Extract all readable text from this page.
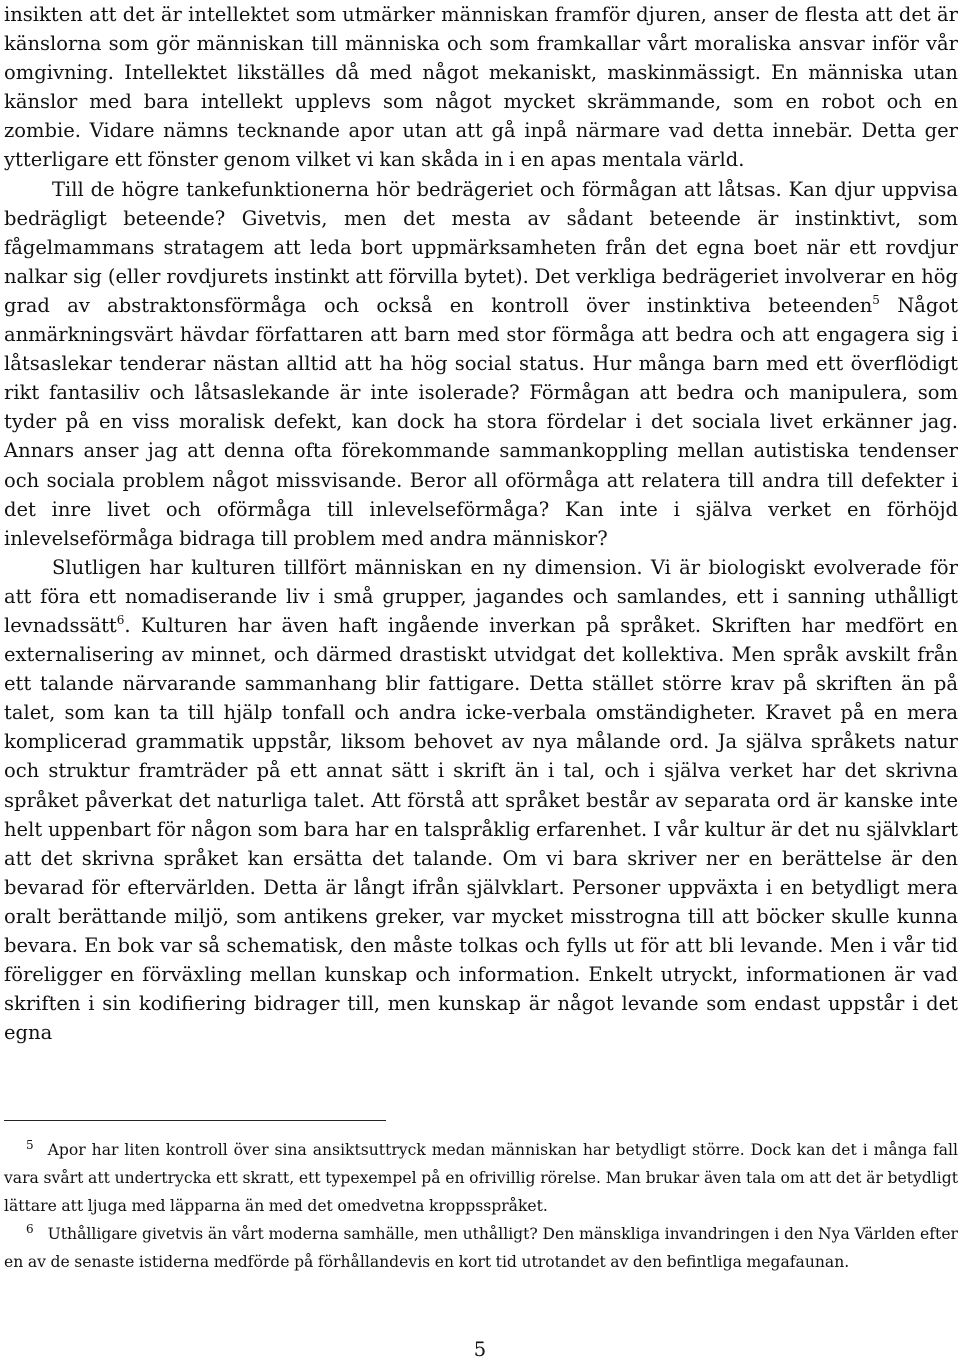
insikten att det är intellektet som utmärker människan framför djuren, anser de flesta att det är känslorna som gör människan till människa och som framkallar vårt moraliska ansvar inför vår omgivning. Intellektet likställes då med något mekaniskt, maskinmässigt. En människa utan känslor med bara intellekt upplevs som något mycket skrämmande, som en robot och en zombie. Vidare nämns tecknande apor utan att gå inpå närmare vad detta innebär. Detta ger ytterligare ett fönster genom vilket vi kan skåda in i en apas mentala värld.

Till de högre tankefunktionerna hör bedrägeriet och förmågan att låtsas. Kan djur uppvisa bedrägligt beteende? Givetvis, men det mesta av sådant beteende är instinktivt, som fågelmammans stratagem att leda bort uppmärksamheten från det egna boet när ett rovdjur nalkar sig (eller rovdjurets instinkt att förvilla bytet). Det verkliga bedrägeriet involverar en hög grad av abstraktonsförmåga och också en kontroll över instinktiva beteenden$^5$ Något anmärkningsvärt hävdar författaren att barn med stor förmåga att bedra och att engagera sig i låtsaslekar tenderar nästan alltid att ha hög social status. Hur många barn med ett överflödigt rikt fantasiliv och låtsaslekande är inte isolerade? Förmågan att bedra och manipulera, som tyder på en viss moralisk defekt, kan dock ha stora fördelar i det sociala livet erkänner jag. Annars anser jag att denna ofta förekommande sammankoppling mellan autistiska tendenser och sociala problem något missvisande. Beror all oförmåga att relatera till andra till defekter i det inre livet och oförmåga till inlevelseförmåga? Kan inte i själva verket en förhöjd inlevelseförmåga bidraga till problem med andra människor?

Slutligen har kulturen tillfört människan en ny dimension. Vi är biologiskt evolverade för att föra ett nomadiserande liv i små grupper, jagandes och samlandes, ett i sanning uthålligt levnadssätt$^6$. Kulturen har även haft ingående inverkan på språket. Skriften har medfört en externalisering av minnet, och därmed drastiskt utvidgat det kollektiva. Men språk avskilt från ett talande närvarande sammanhang blir fattigare. Detta stället större krav på skriften än på talet, som kan ta till hjälp tonfall och andra icke-verbala omständigheter. Kravet på en mera komplicerad grammatik uppstår, liksom behovet av nya målande ord. Ja själva språkets natur och struktur framträder på ett annat sätt i skrift än i tal, och i själva verket har det skrivna språket påverkat det naturliga talet. Att förstå att språket består av separata ord är kanske inte helt uppenbart för någon som bara har en talspråklig erfarenhet. I vår kultur är det nu självklart att det skrivna språket kan ersätta det talande. Om vi bara skriver ner en berättelse är den bevarad för eftervärlden. Detta är långt ifrån självklart. Personer uppväxta i en betydligt mera oralt berättande miljö, som antikens greker, var mycket misstrogna till att böcker skulle kunna bevara. En bok var så schematisk, den måste tolkas och fylls ut för att bli levande. Men i vår tid föreligger en förväxling mellan kunskap och information. Enkelt utryckt, informationen är vad skriften i sin kodifiering bidrager till, men kunskap är något levande som endast uppstår i det egna

$^5$ Apor har liten kontroll över sina ansiktsuttryck medan människan har betydligt större. Dock kan det i många fall vara svårt att undertrycka ett skratt, ett typexempel på en ofrivillig rörelse. Man brukar även tala om att det är betydligt lättare att ljuga med läpparna än med det omedvetna kroppsspråket.

$^6$ Uthålligare givetvis än vårt moderna samhälle, men uthålligt? Den mänskliga invandringen i den Nya Världen efter en av de senaste istiderna medförde på förhållandevis en kort tid utrotandet av den befintliga megafaunan.

5
